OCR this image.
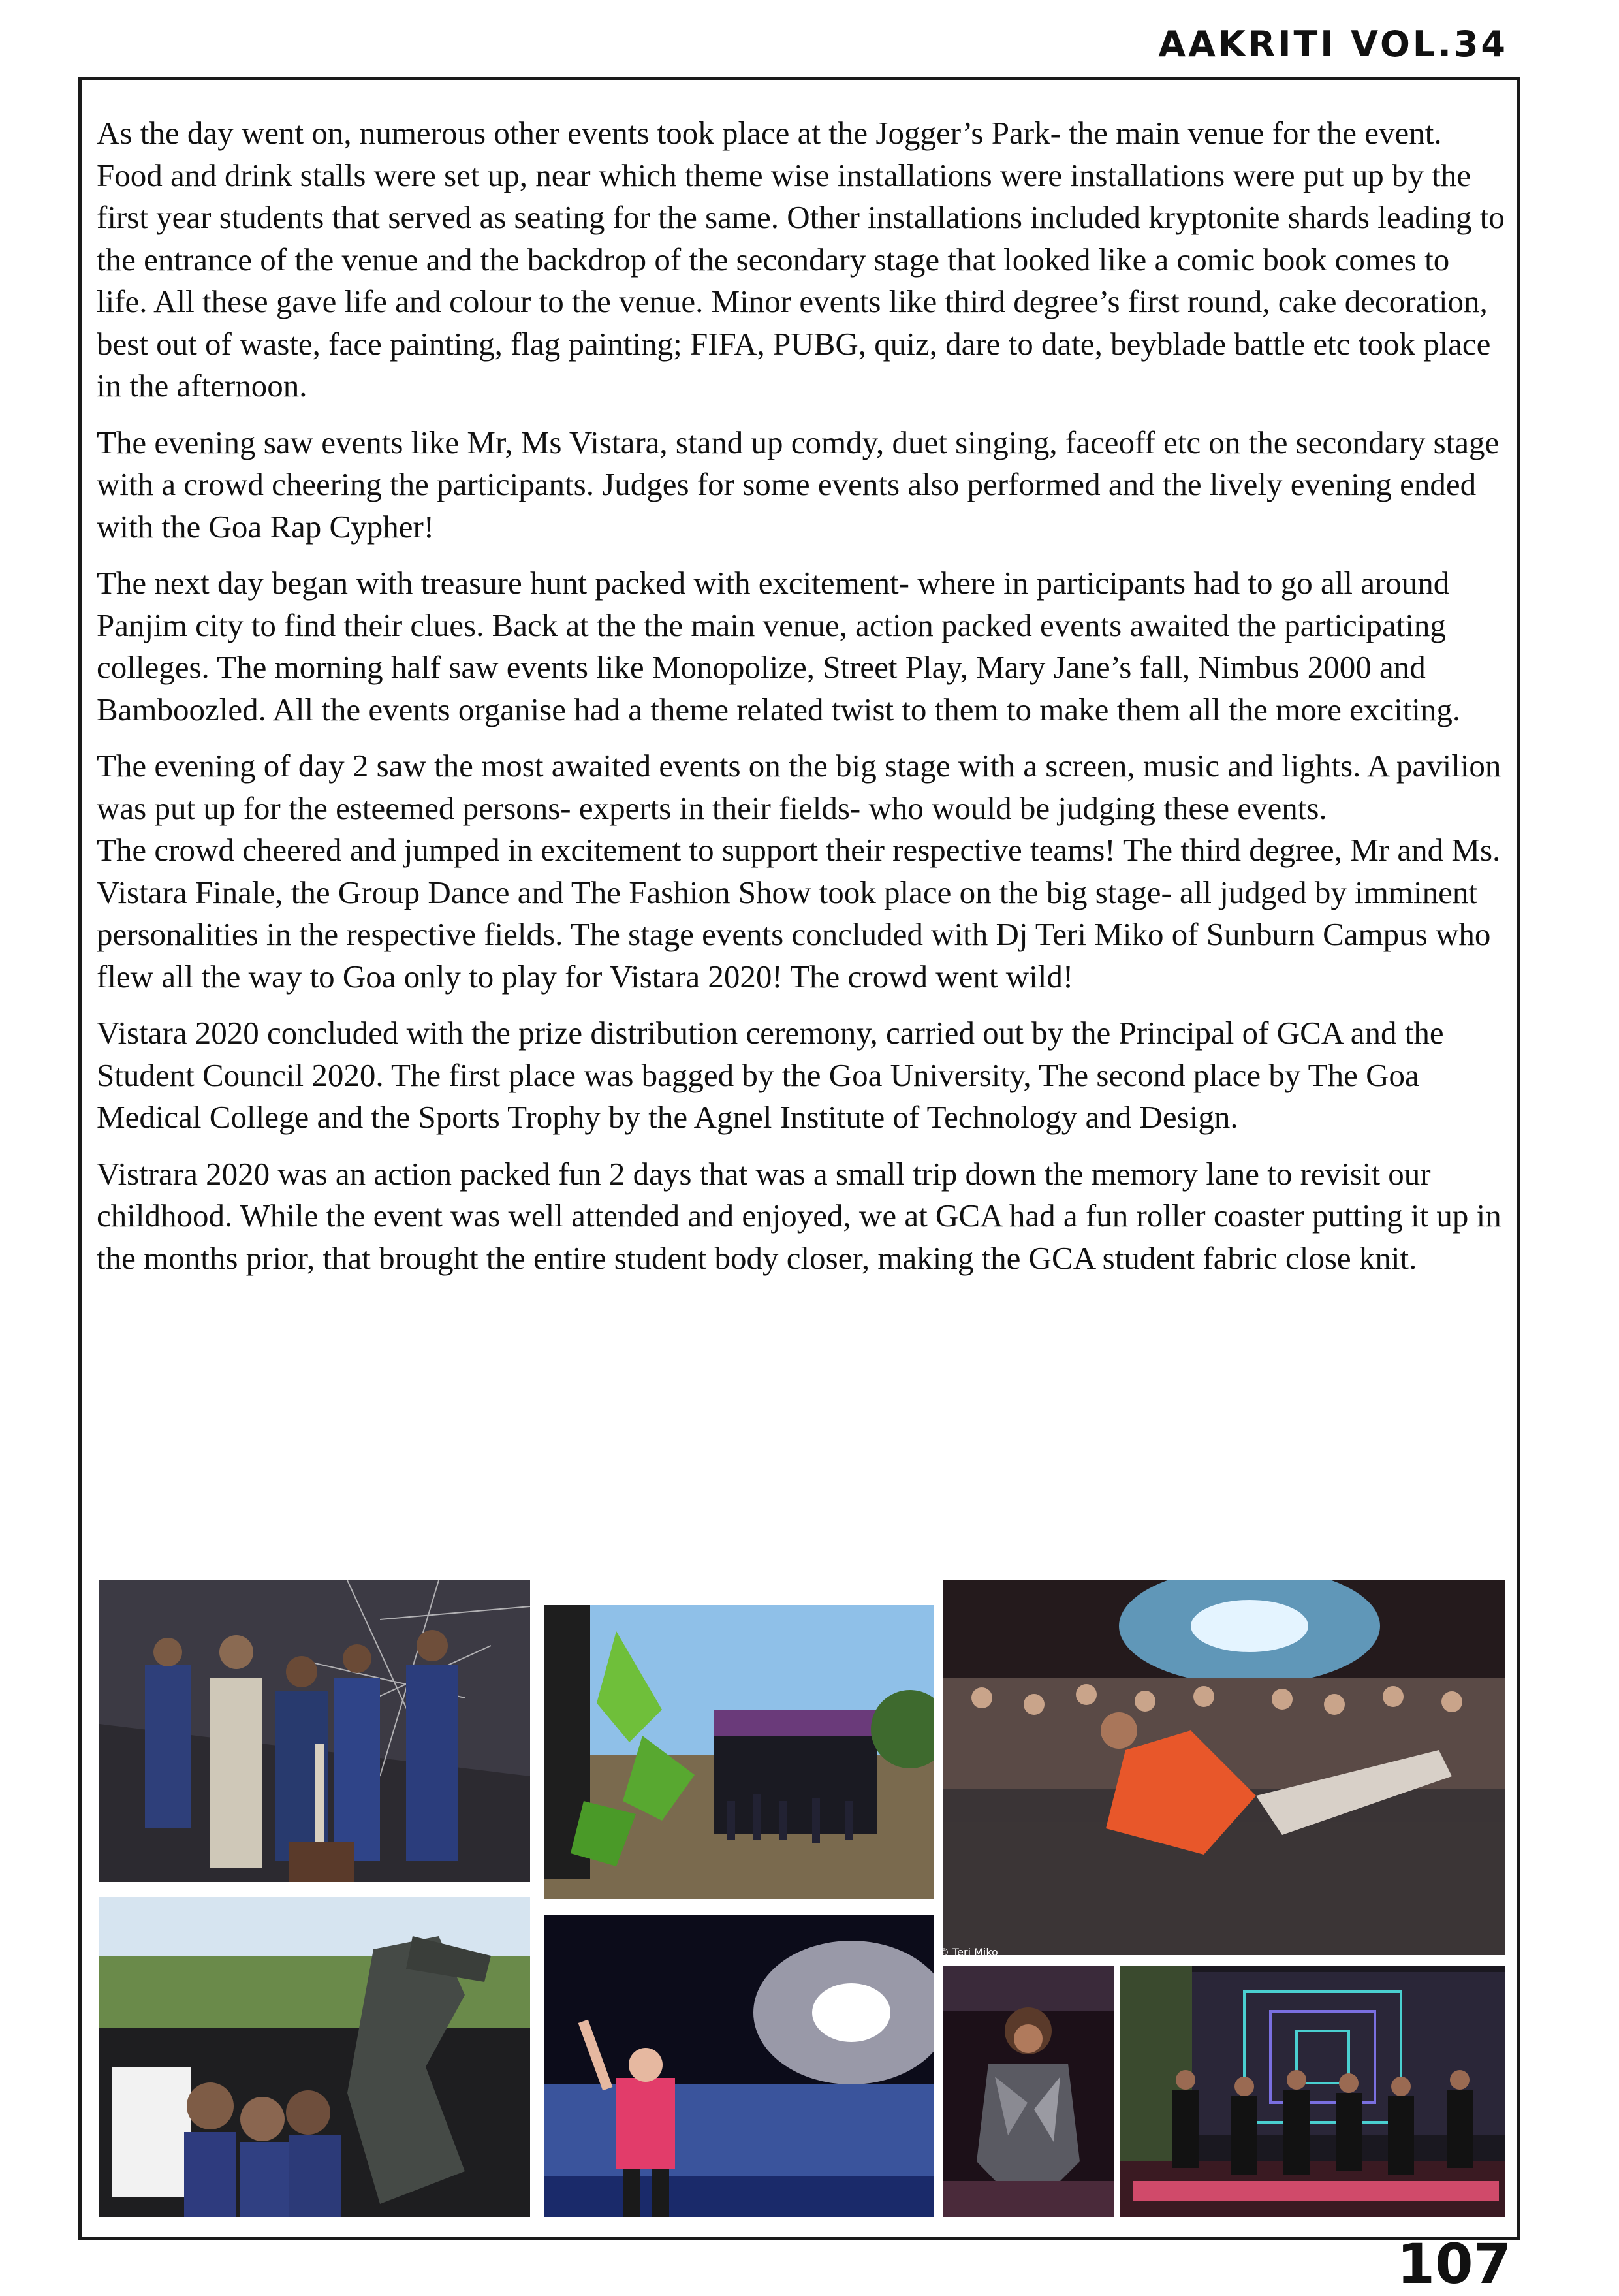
AAKRITI VOL.34

As the day went on, numerous other events took place at the Jogger’s Park- the main venue for the event. Food and drink stalls were set up, near which theme wise installations were installations were put up by the first year students that served as seating for the same. Other installations included kryptonite shards leading to the entrance of the venue and the backdrop of the secondary stage that looked like a comic book comes to life. All these gave life and colour to the venue. Minor events like third degree’s first round, cake decoration, best out of waste, face painting, flag painting; FIFA, PUBG, quiz, dare to date, beyblade battle etc took place in the afternoon.

The evening saw events like Mr, Ms Vistara, stand up comdy, duet singing, faceoff etc on the secondary stage with a crowd cheering the participants. Judges for some events also performed and the lively evening ended with the Goa Rap Cypher!

The next day began with treasure hunt packed with excitement- where in participants had to go all around Panjim city to find their clues. Back at the the main venue, action packed events awaited the participating colleges. The morning half saw events like Monopolize, Street Play, Mary Jane’s fall, Nimbus 2000 and Bamboozled. All the events organise had a theme related twist to them to make them all the more exciting.

The evening of day 2 saw the most awaited events on the big stage with a screen, music and lights. A pavilion was put up for the esteemed persons- experts in their fields- who would be judging these events.

The crowd cheered and jumped in excitement to support their respective teams! The third degree, Mr and Ms. Vistara Finale, the Group Dance and The Fashion Show took place on the big stage- all judged by imminent personalities in the respective fields. The stage events concluded with Dj Teri Miko of Sunburn Campus who flew all the way to Goa only to play for Vistara 2020! The crowd went wild!

Vistara 2020 concluded with the prize distribution ceremony, carried out by the Principal of GCA and the Student Council 2020. The first place was bagged by the Goa University, The second place by The Goa Medical College and the Sports Trophy by the Agnel Institute of Technology and Design.

Vistrara 2020 was an action packed fun 2 days that was a small trip down the memory lane to revisit our childhood. While the event was well attended and enjoyed, we at GCA had a fun roller coaster putting it up in the months prior, that brought the entire student body closer, making the GCA student fabric close knit.

© Teri Miko
107
